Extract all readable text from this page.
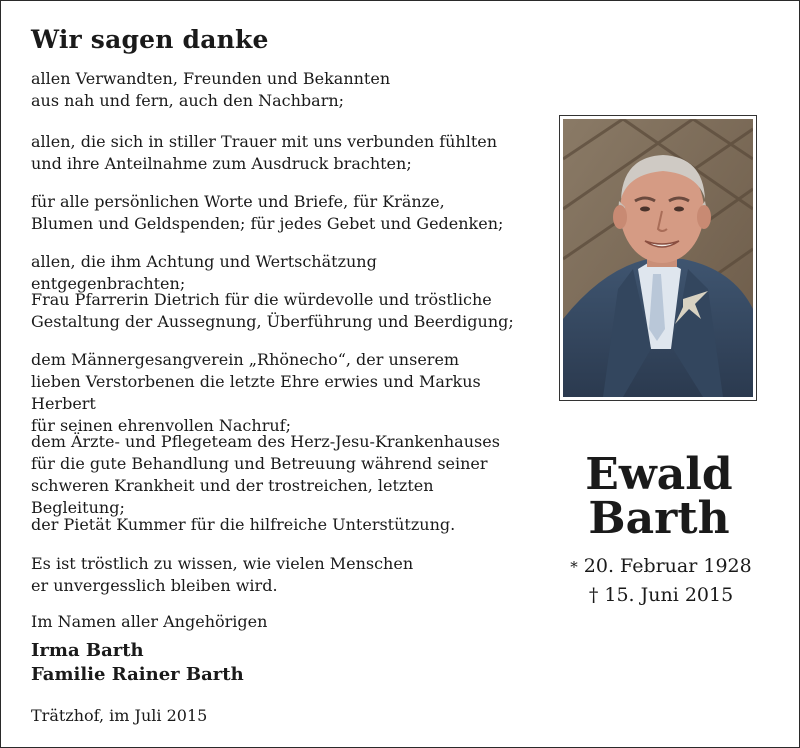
Wir sagen danke
allen Verwandten, Freunden und Bekannten
aus nah und fern, auch den Nachbarn;
allen, die sich in stiller Trauer mit uns verbunden fühlten
und ihre Anteilnahme zum Ausdruck brachten;
für alle persönlichen Worte und Briefe, für Kränze,
Blumen und Geldspenden; für jedes Gebet und Gedenken;
allen, die ihm Achtung und Wertschätzung entgegenbrachten;
Frau Pfarrerin Dietrich für die würdevolle und tröstliche
Gestaltung der Aussegnung, Überführung und Beerdigung;
dem Männergesangverein „Rhönecho“, der unserem
lieben Verstorbenen die letzte Ehre erwies und Markus Herbert
für seinen ehrenvollen Nachruf;
dem Ärzte- und Pflegeteam des Herz-Jesu-Krankenhauses
für die gute Behandlung und Betreuung während seiner
schweren Krankheit und der trostreichen, letzten Begleitung;
der Pietät Kummer für die hilfreiche Unterstützung.
Es ist tröstlich zu wissen, wie vielen Menschen
er unvergesslich bleiben wird.
Im Namen aller Angehörigen
Irma Barth
Familie Rainer Barth
Trätzhof, im Juli 2015
Ewald
Barth
* 20. Februar 1928
† 15. Juni 2015
